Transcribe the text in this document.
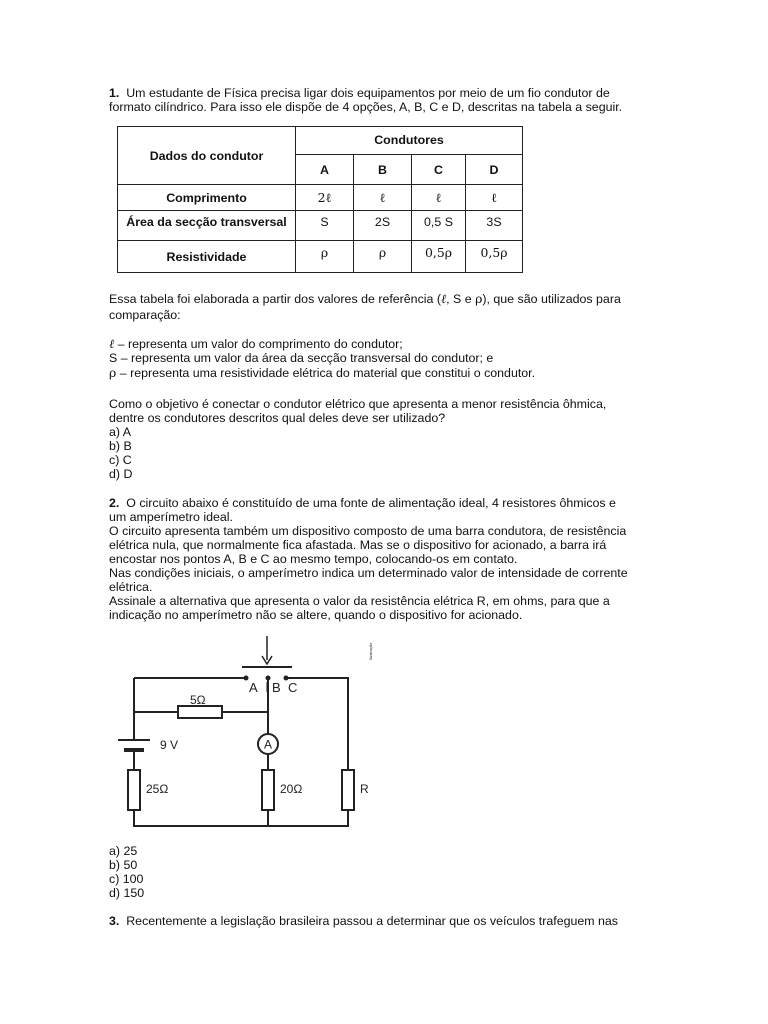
1. Um estudante de Física precisa ligar dois equipamentos por meio de um fio condutor de
formato cilíndrico. Para isso ele dispõe de 4 opções, A, B, C e D, descritas na tabela a seguir.
Dados do condutor	Condutores			
	A	B	C	D
Comprimento	2ℓ	ℓ	ℓ	ℓ
Área da secção transversal	S	2S	0,5 S	3S
Resistividade	ρ	ρ	0,5ρ	0,5ρ
Essa tabela foi elaborada a partir dos valores de referência (ℓ, S e ρ), que são utilizados para
comparação:
ℓ – representa um valor do comprimento do condutor;
S – representa um valor da área da secção transversal do condutor; e
ρ – representa uma resistividade elétrica do material que constitui o condutor.
Como o objetivo é conectar o condutor elétrico que apresenta a menor resistência ôhmica,
dentre os condutores descritos qual deles deve ser utilizado?
a) A
b) B
c) C
d) D
2. O circuito abaixo é constituído de uma fonte de alimentação ideal, 4 resistores ôhmicos e
um amperímetro ideal.
O circuito apresenta também um dispositivo composto de uma barra condutora, de resistência
elétrica nula, que normalmente fica afastada. Mas se o dispositivo for acionado, a barra irá
encostar nos pontos A, B e C ao mesmo tempo, colocando-os em contato.
Nas condições iniciais, o amperímetro indica um determinado valor de intensidade de corrente
elétrica.
Assinale a alternativa que apresenta o valor da resistência elétrica R, em ohms, para que a
indicação no amperímetro não se altere, quando o dispositivo for acionado.
A
A B C
5Ω
9 V
25Ω	20Ω	R
Ilustração
a) 25
b) 50
c) 100
d) 150
3. Recentemente a legislação brasileira passou a determinar que os veículos trafeguem nas
